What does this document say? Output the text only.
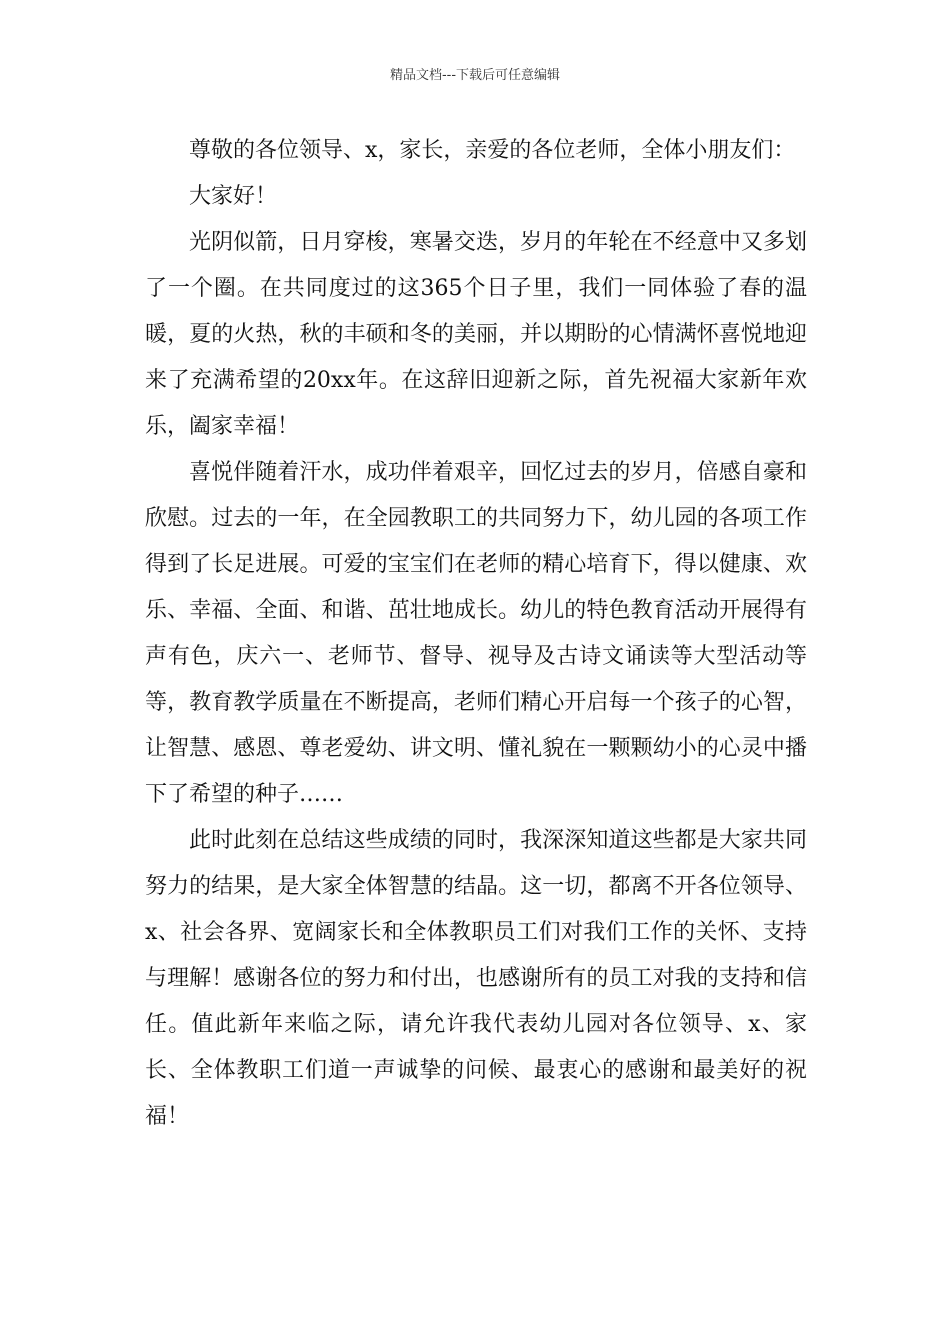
精品文档---下载后可任意编辑

尊敬的各位领导、x，家长，亲爱的各位老师，全体小朋友们：

大家好！

光阴似箭，日月穿梭，寒暑交迭，岁月的年轮在不经意中又多划了一个圈。在共同度过的这365个日子里，我们一同体验了春的温暖，夏的火热，秋的丰硕和冬的美丽，并以期盼的心情满怀喜悦地迎来了充满希望的20xx年。在这辞旧迎新之际，首先祝福大家新年欢乐，阖家幸福！

喜悦伴随着汗水，成功伴着艰辛，回忆过去的岁月，倍感自豪和欣慰。过去的一年，在全园教职工的共同努力下，幼儿园的各项工作得到了长足进展。可爱的宝宝们在老师的精心培育下，得以健康、欢乐、幸福、全面、和谐、茁壮地成长。幼儿的特色教育活动开展得有声有色，庆六一、老师节、督导、视导及古诗文诵读等大型活动等等，教育教学质量在不断提高，老师们精心开启每一个孩子的心智，让智慧、感恩、尊老爱幼、讲文明、懂礼貌在一颗颗幼小的心灵中播下了希望的种子……

此时此刻在总结这些成绩的同时，我深深知道这些都是大家共同努力的结果，是大家全体智慧的结晶。这一切，都离不开各位领导、x、社会各界、宽阔家长和全体教职员工们对我们工作的关怀、支持与理解！感谢各位的努力和付出，也感谢所有的员工对我的支持和信任。值此新年来临之际，请允许我代表幼儿园对各位领导、x、家长、全体教职工们道一声诚挚的问候、最衷心的感谢和最美好的祝福！
